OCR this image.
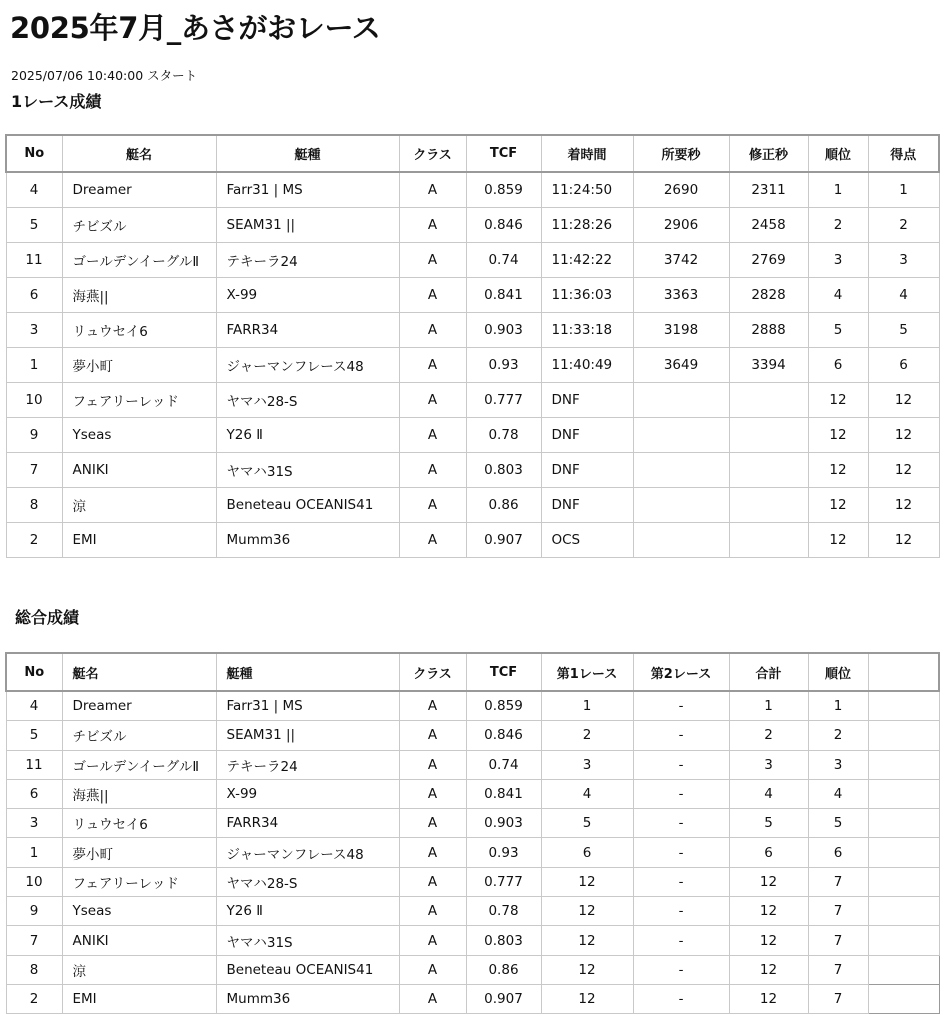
2025年7月_あさがおレース
2025/07/06 10:40:00 スタート
1レース成績
No	艇名	艇種	クラス	TCF	着時間	所要秒	修正秒	順位	得点
4	Dreamer	Farr31 | MS	A	0.859	11:24:50	2690	2311	1	1
5	チビズル	SEAM31 ||	A	0.846	11:28:26	2906	2458	2	2
11	ゴールデンイーグルⅡ	テキーラ24	A	0.74	11:42:22	3742	2769	3	3
6	海燕||	X-99	A	0.841	11:36:03	3363	2828	4	4
3	リュウセイ6	FARR34	A	0.903	11:33:18	3198	2888	5	5
1	夢小町	ジャーマンフレース48	A	0.93	11:40:49	3649	3394	6	6
10	フェアリーレッド	ヤマハ28-S	A	0.777	DNF			12	12
9	Yseas	Y26 Ⅱ	A	0.78	DNF			12	12
7	ANIKI	ヤマハ31S	A	0.803	DNF			12	12
8	涼	Beneteau OCEANIS41	A	0.86	DNF			12	12
2	EMI	Mumm36	A	0.907	OCS			12	12
総合成績
No	艇名	艇種	クラス	TCF	第1レース	第2レース	合計	順位	
4	Dreamer	Farr31 | MS	A	0.859	1	-	1	1	
5	チビズル	SEAM31 ||	A	0.846	2	-	2	2	
11	ゴールデンイーグルⅡ	テキーラ24	A	0.74	3	-	3	3	
6	海燕||	X-99	A	0.841	4	-	4	4	
3	リュウセイ6	FARR34	A	0.903	5	-	5	5	
1	夢小町	ジャーマンフレース48	A	0.93	6	-	6	6	
10	フェアリーレッド	ヤマハ28-S	A	0.777	12	-	12	7	
9	Yseas	Y26 Ⅱ	A	0.78	12	-	12	7	
7	ANIKI	ヤマハ31S	A	0.803	12	-	12	7	
8	涼	Beneteau OCEANIS41	A	0.86	12	-	12	7	
2	EMI	Mumm36	A	0.907	12	-	12	7	
